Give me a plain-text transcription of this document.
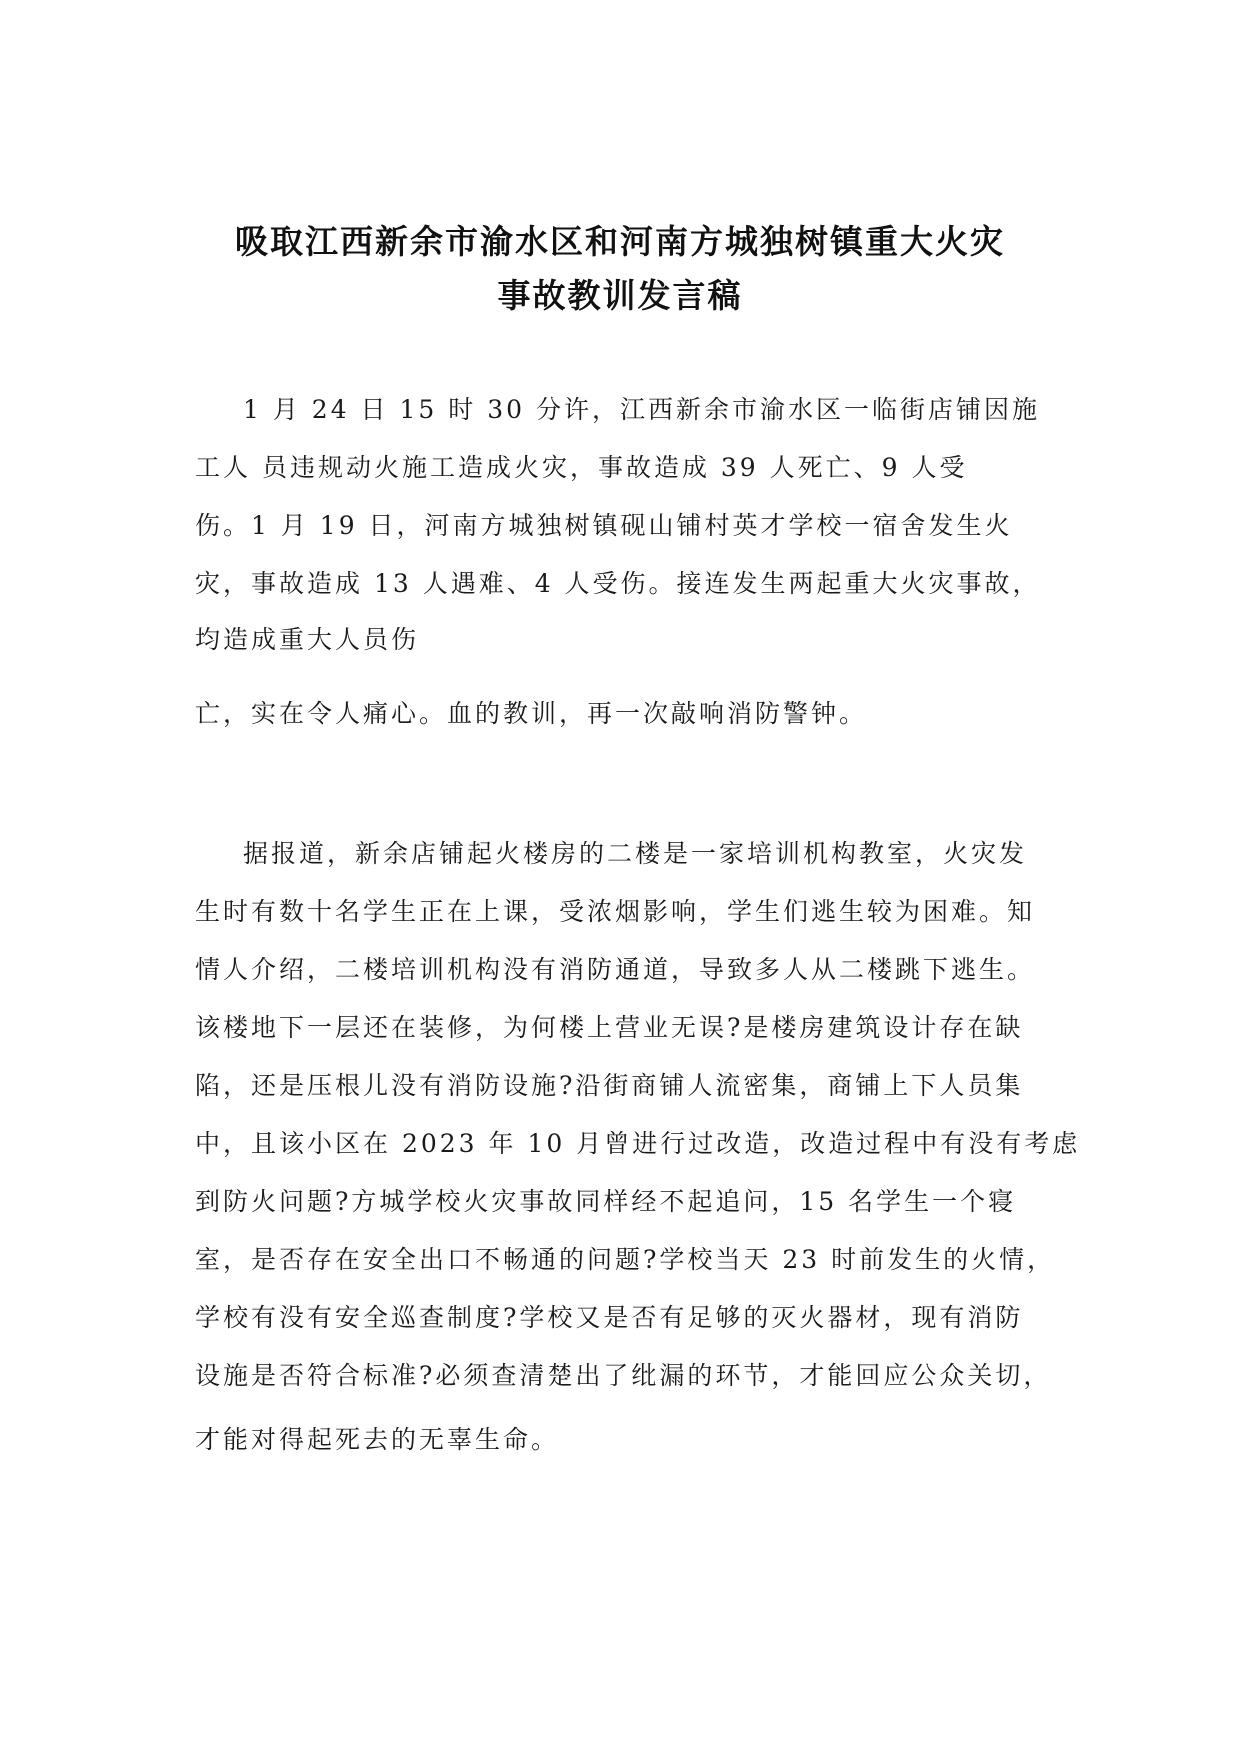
吸取江西新余市渝水区和河南方城独树镇重大火灾
事故教训发言稿

1 月 24 日 15 时 30 分许，江西新余市渝水区一临街店铺因施

工人 员违规动火施工造成火灾，事故造成 39 人死亡、9 人受

伤。1 月 19 日，河南方城独树镇砚山铺村英才学校一宿舍发生火

灾，事故造成 13 人遇难、4 人受伤。接连发生两起重大火灾事故，

均造成重大人员伤

亡，实在令人痛心。血的教训，再一次敲响消防警钟。

据报道，新余店铺起火楼房的二楼是一家培训机构教室，火灾发

生时有数十名学生正在上课，受浓烟影响，学生们逃生较为困难。知

情人介绍，二楼培训机构没有消防通道，导致多人从二楼跳下逃生。

该楼地下一层还在装修，为何楼上营业无误?是楼房建筑设计存在缺

陷，还是压根儿没有消防设施?沿街商铺人流密集，商铺上下人员集

中，且该小区在 2023 年 10 月曾进行过改造，改造过程中有没有考虑

到防火问题?方城学校火灾事故同样经不起追问，15 名学生一个寝

室，是否存在安全出口不畅通的问题?学校当天 23 时前发生的火情，

学校有没有安全巡查制度?学校又是否有足够的灭火器材，现有消防

设施是否符合标准?必须查清楚出了纰漏的环节，才能回应公众关切，

才能对得起死去的无辜生命。
